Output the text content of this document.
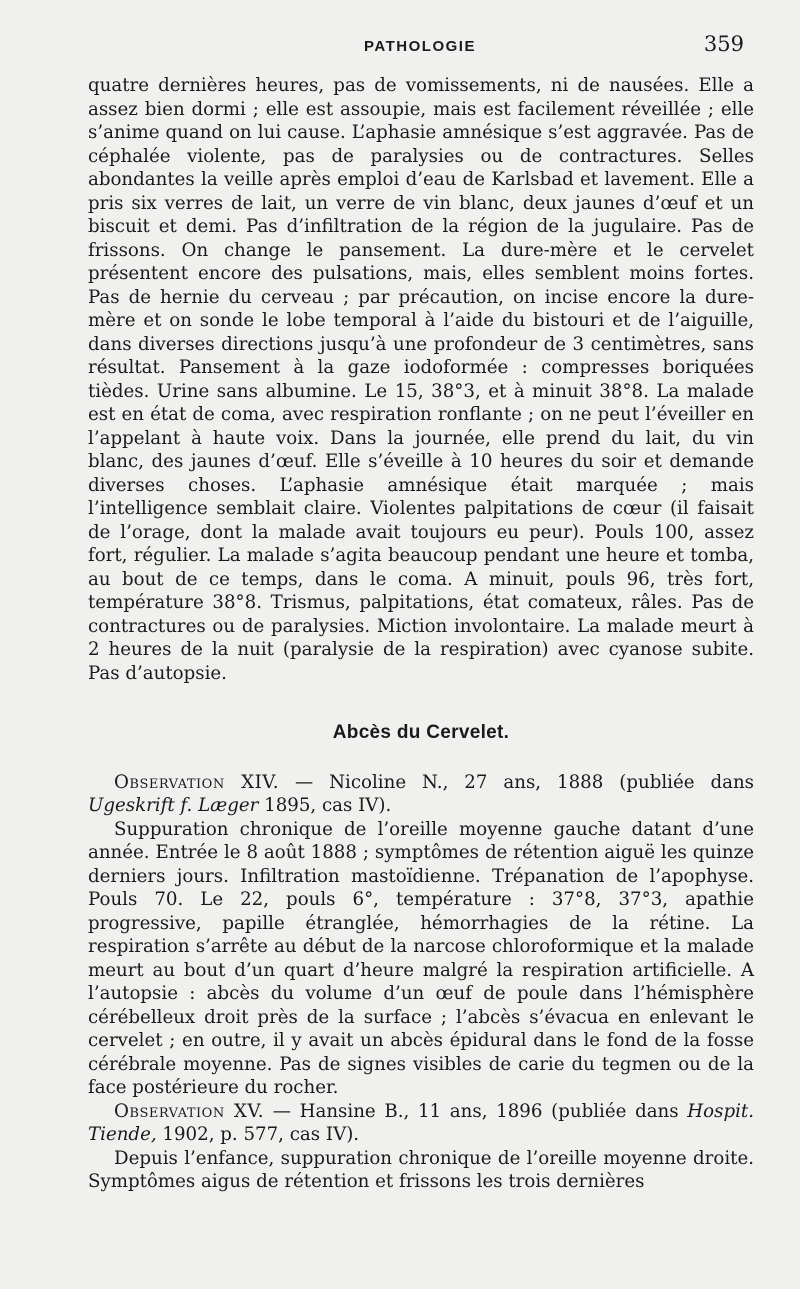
PATHOLOGIE	359

quatre dernières heures, pas de vomissements, ni de nausées. Elle a assez bien dormi ; elle est assoupie, mais est facilement réveillée ; elle s’anime quand on lui cause. L’aphasie amnésique s’est aggravée. Pas de céphalée violente, pas de paralysies ou de contractures. Selles abondantes la veille après emploi d’eau de Karlsbad et lavement. Elle a pris six verres de lait, un verre de vin blanc, deux jaunes d’œuf et un biscuit et demi. Pas d’infiltration de la région de la jugulaire. Pas de frissons. On change le pansement. La dure-mère et le cervelet présentent encore des pulsations, mais, elles semblent moins fortes. Pas de hernie du cerveau ; par précaution, on incise encore la dure-mère et on sonde le lobe temporal à l’aide du bistouri et de l’aiguille, dans diverses directions jusqu’à une profondeur de 3 centimètres, sans résultat. Pansement à la gaze iodoformée : compresses boriquées tièdes. Urine sans albumine. Le 15, 38°3, et à minuit 38°8. La malade est en état de coma, avec respiration ronflante ; on ne peut l’éveiller en l’appelant à haute voix. Dans la journée, elle prend du lait, du vin blanc, des jaunes d’œuf. Elle s’éveille à 10 heures du soir et demande diverses choses. L’aphasie amnésique était marquée ; mais l’intelligence semblait claire. Violentes palpitations de cœur (il faisait de l’orage, dont la malade avait toujours eu peur). Pouls 100, assez fort, régulier. La malade s’agita beaucoup pendant une heure et tomba, au bout de ce temps, dans le coma. A minuit, pouls 96, très fort, température 38°8. Trismus, palpitations, état comateux, râles. Pas de contractures ou de paralysies. Miction involontaire. La malade meurt à 2 heures de la nuit (paralysie de la respiration) avec cyanose subite. Pas d’autopsie.

Abcès du Cervelet.

Observation XIV. — Nicoline N., 27 ans, 1888 (publiée dans Ugeskrift f. Læger 1895, cas IV).

Suppuration chronique de l’oreille moyenne gauche datant d’une année. Entrée le 8 août 1888 ; symptômes de rétention aiguë les quinze derniers jours. Infiltration mastoïdienne. Trépanation de l’apophyse. Pouls 70. Le 22, pouls 6°, température : 37°8, 37°3, apathie progressive, papille étranglée, hémorrhagies de la rétine. La respiration s’arrête au début de la narcose chloroformique et la malade meurt au bout d’un quart d’heure malgré la respiration artificielle. A l’autopsie : abcès du volume d’un œuf de poule dans l’hémisphère cérébelleux droit près de la surface ; l’abcès s’évacua en enlevant le cervelet ; en outre, il y avait un abcès épidural dans le fond de la fosse cérébrale moyenne. Pas de signes visibles de carie du tegmen ou de la face postérieure du rocher.

Observation XV. — Hansine B., 11 ans, 1896 (publiée dans Hospit. Tiende, 1902, p. 577, cas IV).

Depuis l’enfance, suppuration chronique de l’oreille moyenne droite. Symptômes aigus de rétention et frissons les trois dernières
